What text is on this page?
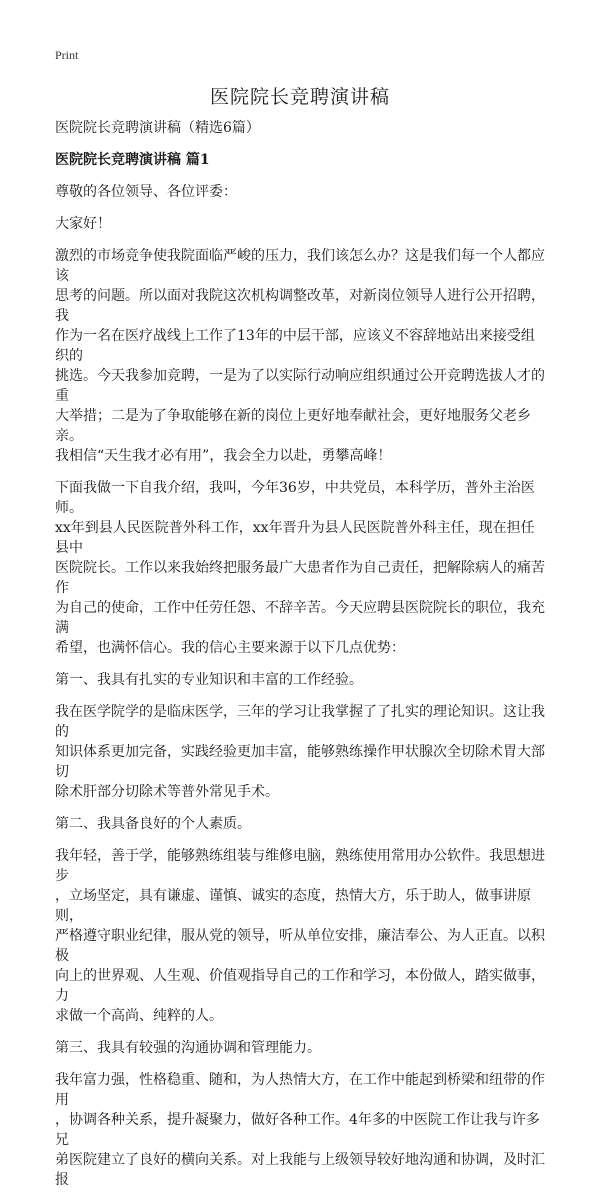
Print
医院院长竞聘演讲稿
医院院长竞聘演讲稿（精选6篇）
医院院长竞聘演讲稿 篇1
尊敬的各位领导、各位评委：
大家好！
激烈的市场竞争使我院面临严峻的压力，我们该怎么办？这是我们每一个人都应该
思考的问题。所以面对我院这次机构调整改革，对新岗位领导人进行公开招聘，我
作为一名在医疗战线上工作了13年的中层干部，应该义不容辞地站出来接受组织的
挑选。今天我参加竞聘，一是为了以实际行动响应组织通过公开竞聘选拔人才的重
大举措；二是为了争取能够在新的岗位上更好地奉献社会，更好地服务父老乡亲。
我相信“天生我才必有用”，我会全力以赴，勇攀高峰！
下面我做一下自我介绍，我叫，今年36岁，中共党员，本科学历，普外主治医师。
xx年到县人民医院普外科工作，xx年晋升为县人民医院普外科主任，现在担任县中
医院院长。工作以来我始终把服务最广大患者作为自己责任，把解除病人的痛苦作
为自己的使命，工作中任劳任怨、不辞辛苦。今天应聘县医院院长的职位，我充满
希望，也满怀信心。我的信心主要来源于以下几点优势：
第一、我具有扎实的专业知识和丰富的工作经验。
我在医学院学的是临床医学，三年的学习让我掌握了了扎实的理论知识。这让我的
知识体系更加完备，实践经验更加丰富，能够熟练操作甲状腺次全切除术胃大部切
除术肝部分切除术等普外常见手术。
第二、我具备良好的个人素质。
我年轻，善于学，能够熟练组装与维修电脑，熟练使用常用办公软件。我思想进步
，立场坚定，具有谦虚、谨慎、诚实的态度，热情大方，乐于助人，做事讲原则，
严格遵守职业纪律，服从党的领导，听从单位安排，廉洁奉公、为人正直。以积极
向上的世界观、人生观、价值观指导自己的工作和学习，本份做人，踏实做事，力
求做一个高尚、纯粹的人。
第三、我具有较强的沟通协调和管理能力。
我年富力强，性格稳重、随和，为人热情大方，在工作中能起到桥梁和纽带的作用
，协调各种关系，提升凝聚力，做好各种工作。4年多的中医院工作让我与许多兄
弟医院建立了良好的横向关系。对上我能与上级领导较好地沟通和协调，及时汇报
